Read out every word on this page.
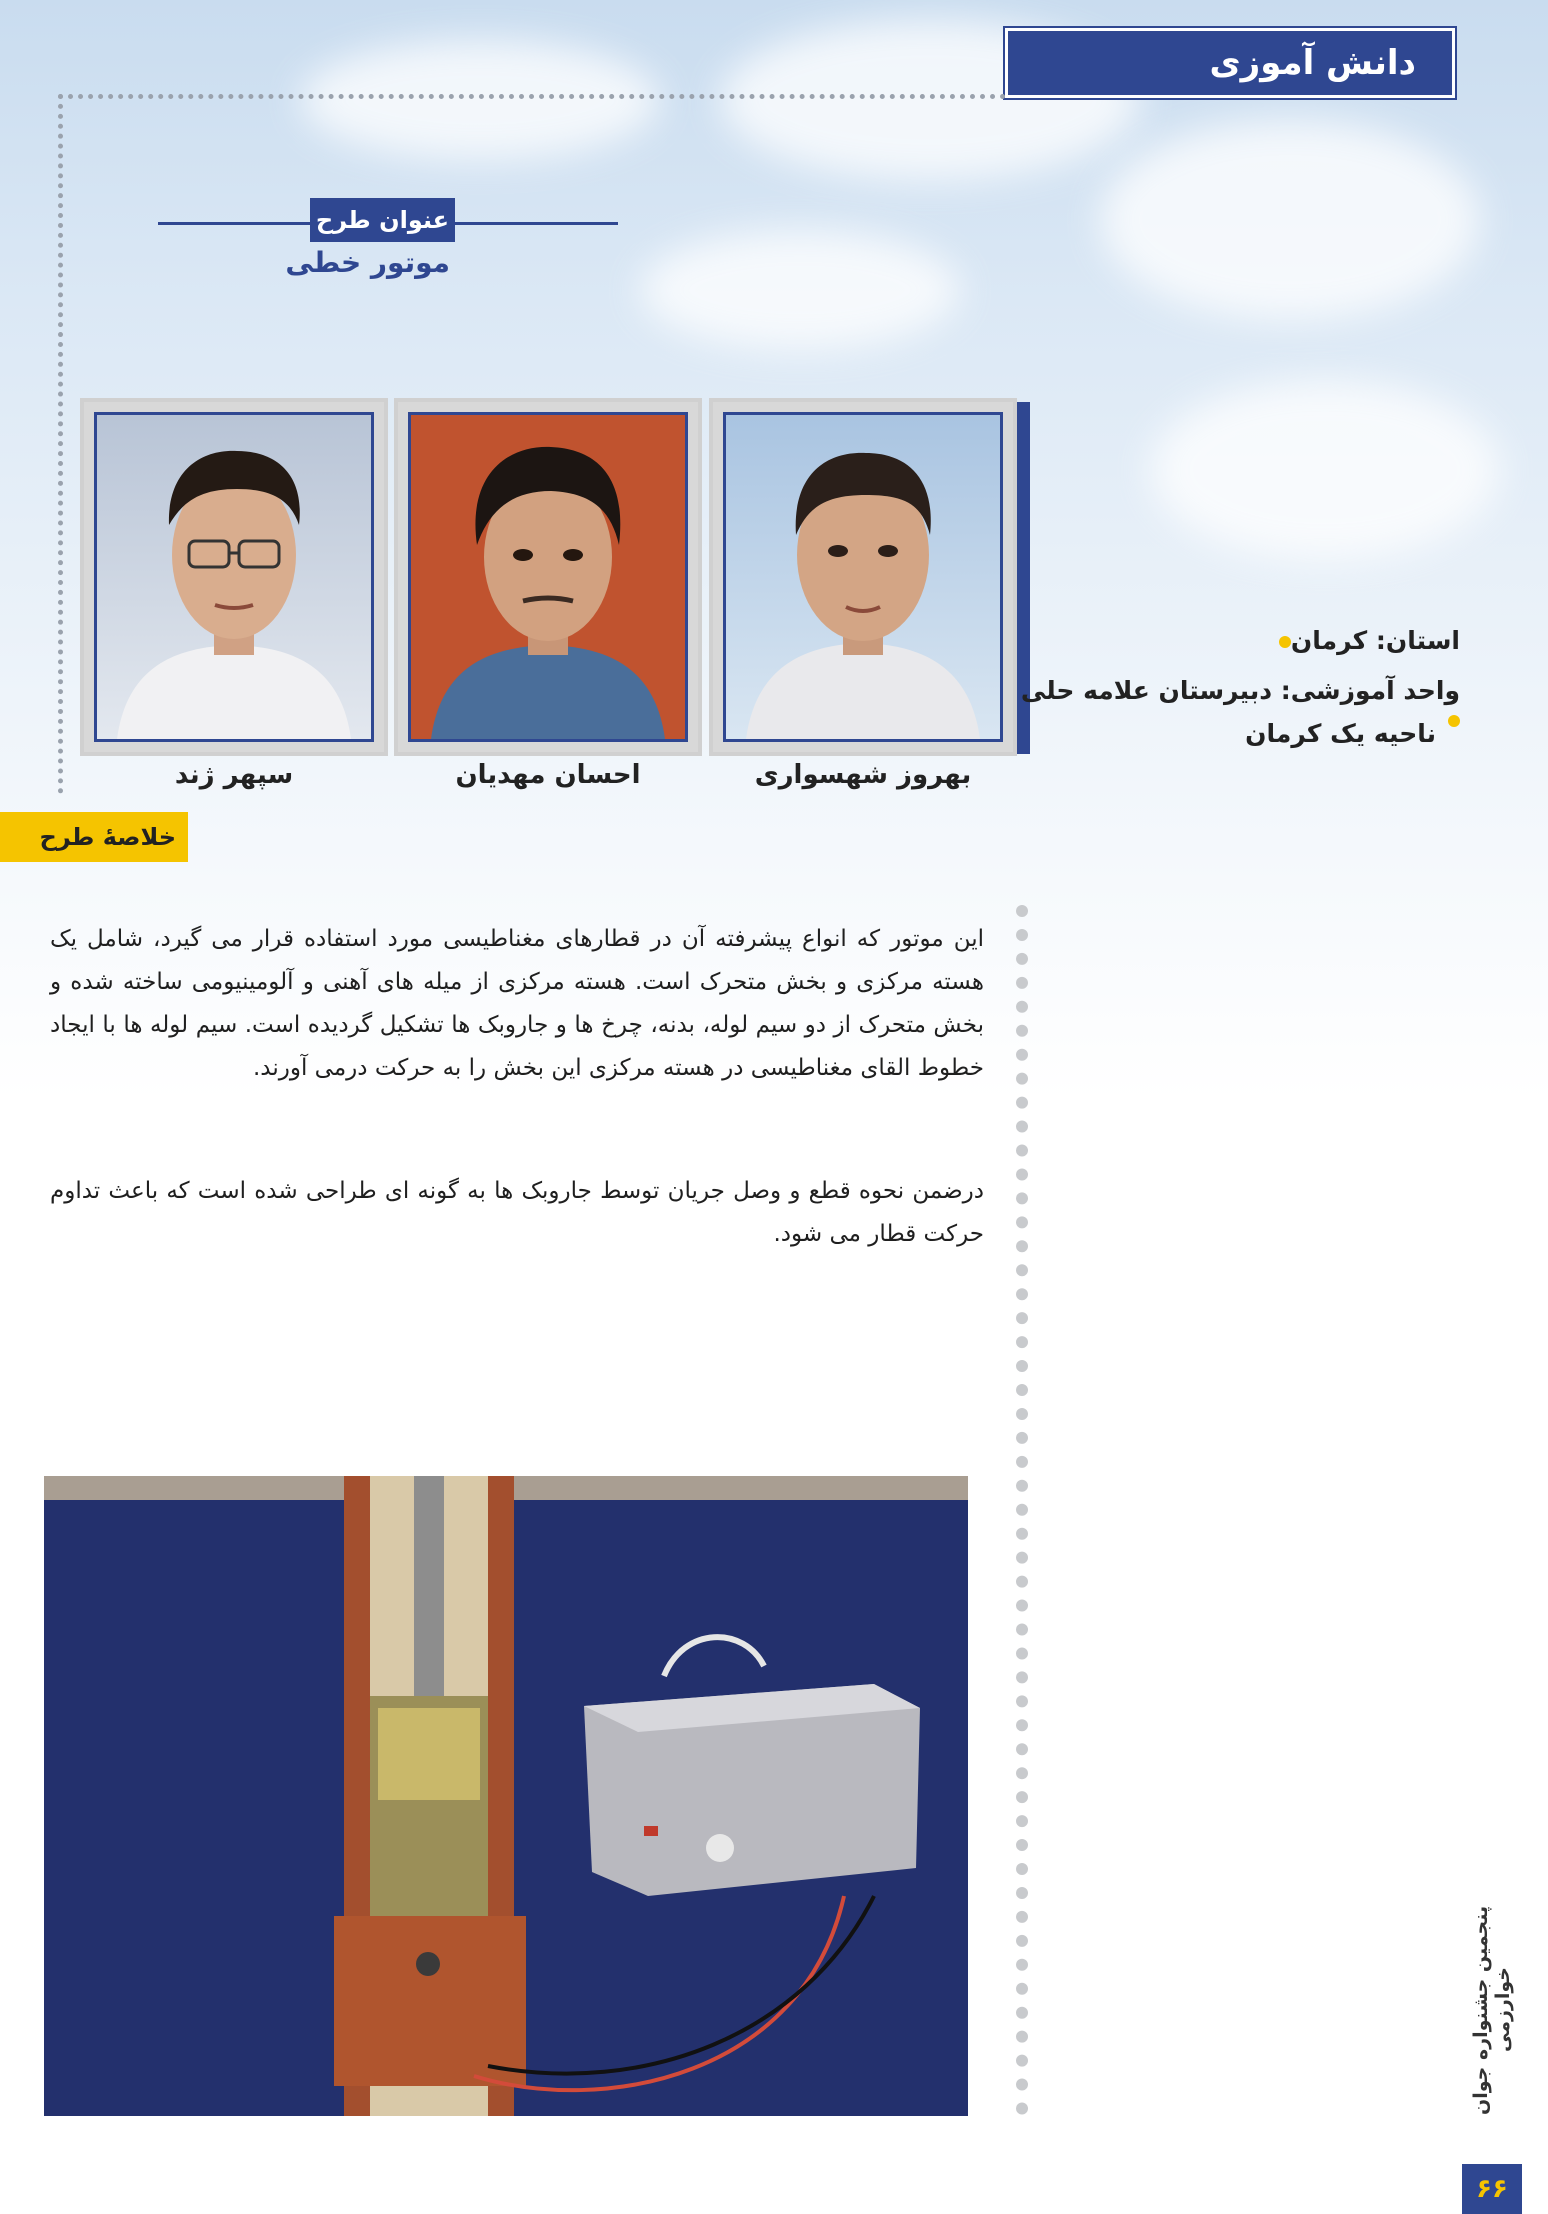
دانش آموزی
عنوان طرح
موتور خطی
استان: کرمان
واحد آموزشی: دبیرستان علامه حلی
ناحیه یک کرمان
بهروز شهسواری
احسان مهدیان
سپهر ژند
خلاصهٔ طرح
این موتور که انواع پیشرفته آن در قطارهای مغناطیسی مورد استفاده قرار می گیرد، شامل یک هسته مرکزی و بخش متحرک است. هسته مرکزی از میله های آهنی و آلومینیومی ساخته شده و بخش متحرک از دو سیم لوله، بدنه، چرخ ها و جاروبک ها تشکیل گردیده است. سیم لوله ها با ایجاد خطوط القای مغناطیسی در هسته مرکزی این بخش را به حرکت درمی آورند.
درضمن نحوه قطع و وصل جریان توسط جاروبک ها به گونه ای طراحی شده است که باعث تداوم حرکت قطار می شود.
پنجمین جشنواره جوان خوارزمی
۶۶
